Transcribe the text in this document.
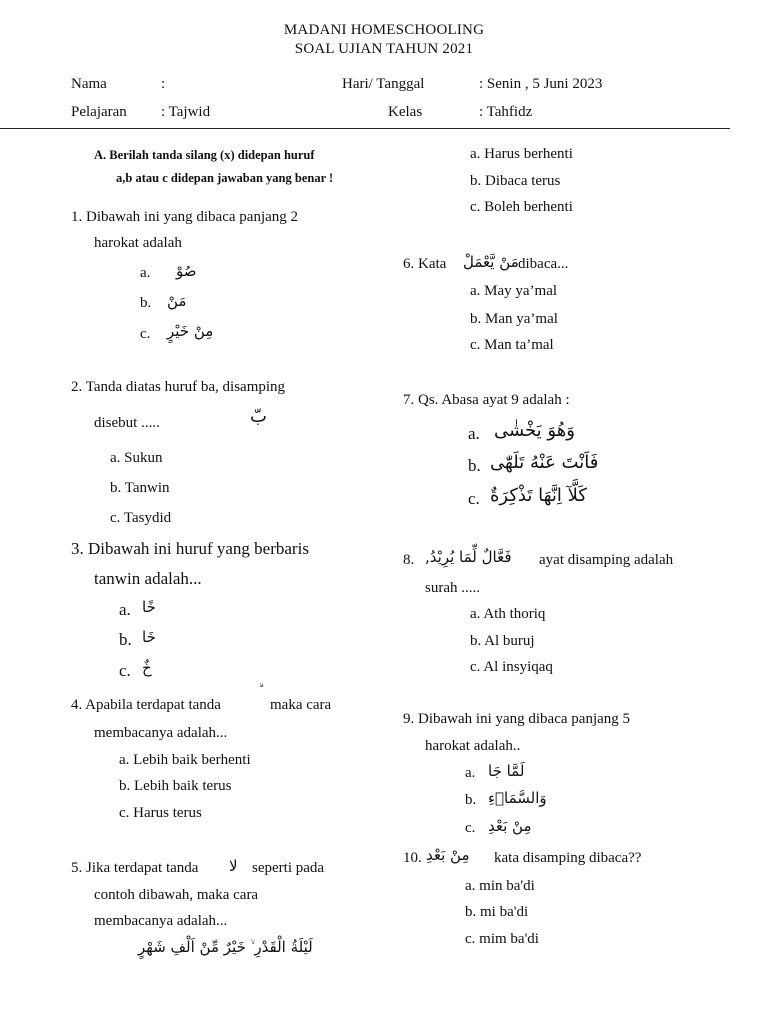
MADANI HOMESCHOOLING
SOAL UJIAN TAHUN 2021
Nama	:	Hari/ Tanggal	: Senin , 5 Juni 2023
Pelajaran : Tajwid	Kelas	: Tahfidz
A. Berilah tanda silang (x) didepan huruf
a,b atau c didepan jawaban yang benar !
1. Dibawah ini yang dibaca panjang 2
harokat adalah
a. صُوْ
b. مَنْ
c. مِنْ خَيْرٍ
2. Tanda diatas huruf ba, disamping
disebut .....	بّ
a. Sukun
b. Tanwin
c. Tasydid
3. Dibawah ini huruf yang berbaris
tanwin adalah...
a. خًا
b. خَا
c. خٌ
4. Apabila terdapat tanda	maka cara
membacanya adalah...
a. Lebih baik berhenti
b. Lebih baik terus
c. Harus terus
5. Jika terdapat tanda لا seperti pada
contoh dibawah, maka cara
membacanya adalah...
لَيْلَةُ الْقَدْرِ ۙ خَيْرٌ مِّنْ اَلْفِ شَهْرٍ
a. Harus berhenti
b. Dibaca terus
c. Boleh berhenti
6. Kata مَنْ يَّعْمَلْ dibaca...
a. May ya’mal
b. Man ya’mal
c. Man ta’mal
7. Qs. Abasa ayat 9 adalah :
a. وَهُوَ يَخْشٰى
b. فَاَنْتَ عَنْهُ تَلَهّٰى
c. كَلَّآ اِنَّهَا تَذْكِرَةٌ
8. فَعَّالٌ لِّمَا يُرِيْدُ, ayat disamping adalah
surah .....
a. Ath thoriq
b. Al buruj
c. Al insyiqaq
9. Dibawah ini yang dibaca panjang 5
harokat adalah..
a. لَمَّا جَا
b. وَالسَّمَاۤءِ
c. مِنْ بَعْدِ
10. مِنْ بَعْدِ kata disamping dibaca??
a. min ba'di
b. mi ba'di
c. mim ba'di
